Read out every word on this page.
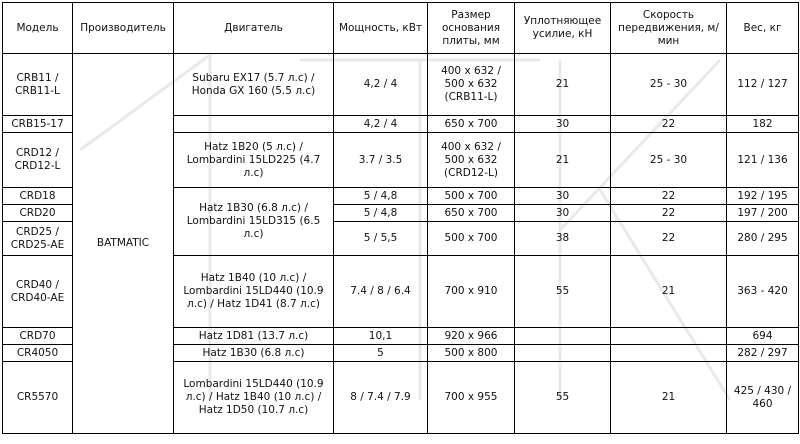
Модель	Производитель	Двигатель	Мощность, кВт	Размер основания плиты, мм	Уплотняющее усилие, кН	Скорость передвижения, м/мин	Вес, кг
CRB11 / CRB11-L	BATMATIC	Subaru EX17 (5.7 л.с) / Honda GX 160 (5.5 л.с)	4,2 / 4	400 x 632 / 500 x 632 (CRB11-L)	21	25 - 30	112 / 127
CRB15-17			4,2 / 4	650 x 700	30	22	182
CRD12 / CRD12-L		Hatz 1B20 (5 л.с) / Lombardini 15LD225 (4.7 л.с)	3.7 / 3.5	400 x 632 / 500 x 632 (CRD12-L)	21	25 - 30	121 / 136
CRD18		Hatz 1B30 (6.8 л.с) / Lombardini 15LD315 (6.5 л.с)	5 / 4,8	500 x 700	30	22	192 / 195
CRD20			5 / 4,8	650 x 700	30	22	197 / 200
CRD25 / CRD25-AE			5 / 5,5	500 x 700	38	22	280 / 295
CRD40 / CRD40-AE		Hatz 1B40 (10 л.с) / Lombardini 15LD440 (10.9 л.с) / Hatz 1D41 (8.7 л.с)	7.4 / 8 / 6.4	700 x 910	55	21	363 - 420
CRD70		Hatz 1D81 (13.7 л.с)	10,1	920 x 966			694
CR4050		Hatz 1B30 (6.8 л.с)	5	500 x 800			282 / 297
CR5570		Lombardini 15LD440 (10.9 л.с) / Hatz 1B40 (10 л.с) / Hatz 1D50 (10.7 л.с)	8 / 7.4 / 7.9	700 x 955	55	21	425 / 430 / 460
